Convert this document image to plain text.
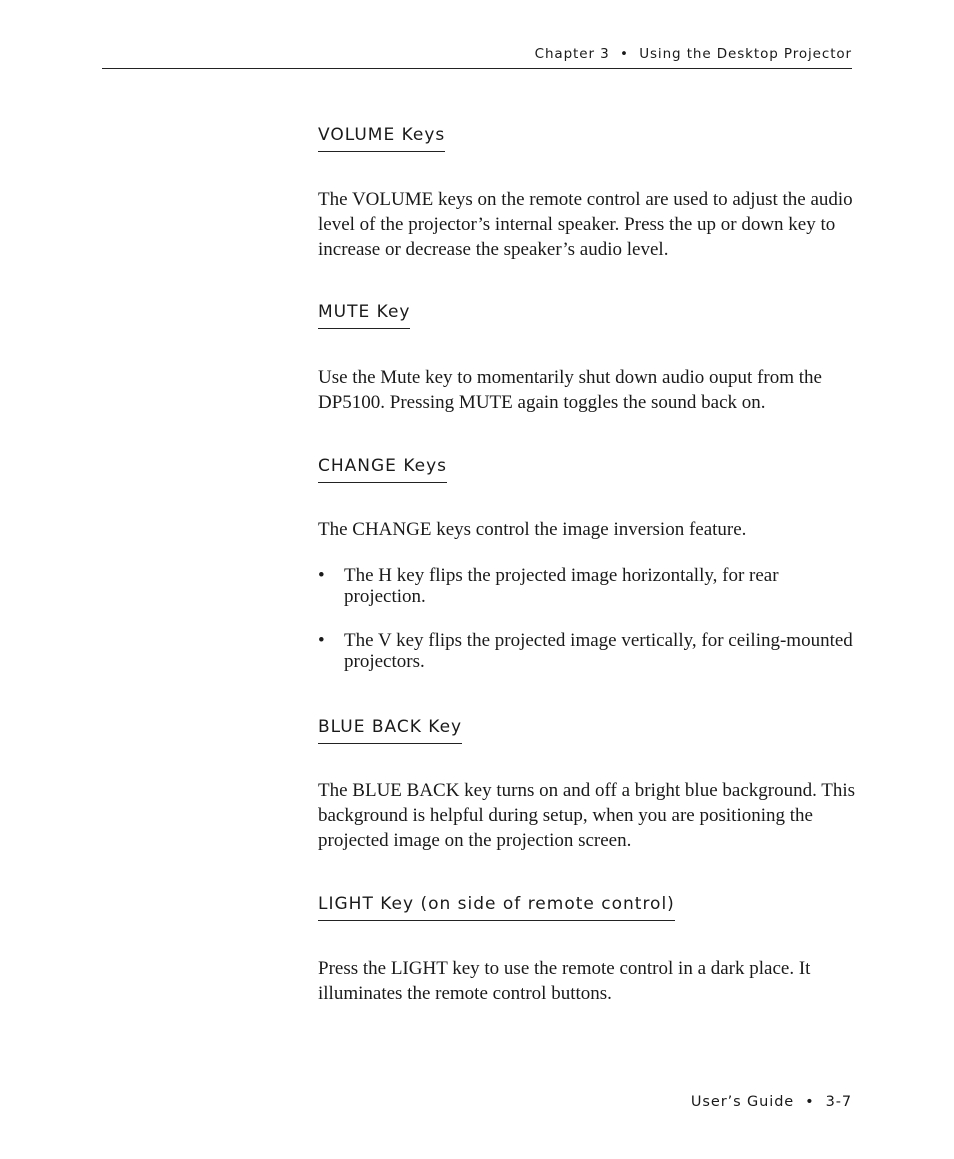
Chapter 3  •  Using the Desktop Projector
VOLUME Keys

The VOLUME keys on the remote control are used to adjust the audio level of the projector’s internal speaker. Press the up or down key to increase or decrease the speaker’s audio level.

MUTE Key

Use the Mute key to momentarily shut down audio ouput from the DP5100. Pressing MUTE again toggles the sound back on.

CHANGE Keys

The CHANGE keys control the image inversion feature.

• The H key flips the projected image horizontally, for rear projection.
• The V key flips the projected image vertically, for ceiling-mounted projectors.
BLUE BACK Key

The BLUE BACK key turns on and off a bright blue background. This background is helpful during setup, when you are positioning the projected image on the projection screen.

LIGHT Key (on side of remote control)

Press the LIGHT key to use the remote control in a dark place. It illuminates the remote control buttons.

User’s Guide  •  3-7
